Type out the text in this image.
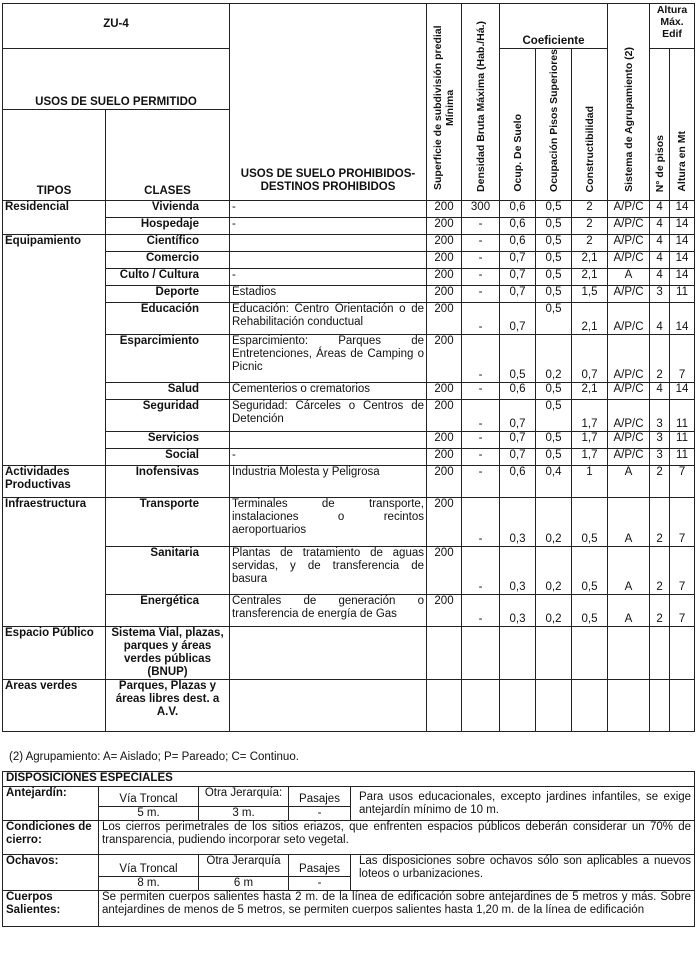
ZU-4		USOS DE SUELO PROHIBIDOS-DESTINOS PROHIBIDOS	Superficie de subdivisión predial Mínima	Densidad Bruta Máxima (Hab./Há.)	Coeficiente			Sistema de Agrupamiento (2)	Altura Máx. Edif	
USOS DE SUELO PERMITIDO					Ocup. De Suelo	Ocupación Pisos Superiores	Constructibilidad		N° de pisos	Altura en Mt
TIPOS	CLASES									
Residencial	Vivienda	-	200	300	0,6	0,5	2	A/P/C	4	14
	Hospedaje	-	200	-	0,6	0,5	2	A/P/C	4	14
Equipamiento	Científico		200	-	0,6	0,5	2	A/P/C	4	14
	Comercio		200	-	0,7	0,5	2,1	A/P/C	4	14
	Culto / Cultura	-	200	-	0,7	0,5	2,1	A	4	14
	Deporte	Estadios	200	-	0,7	0,5	1,5	A/P/C	3	11
	Educación	Educación: Centro Orientación o de Rehabilitación conductual	200	-	0,7	0,5	2,1	A/P/C	4	14
	Esparcimiento	Esparcimiento: Parques de Entretenciones, Áreas de Camping o Picnic	200	-	0,5	0,2	0,7	A/P/C	2	7
	Salud	Cementerios o crematorios	200	-	0,6	0,5	2,1	A/P/C	4	14
	Seguridad	Seguridad: Cárceles o Centros de Detención	200	-	0,7	0,5	1,7	A/P/C	3	11
	Servicios		200	-	0,7	0,5	1,7	A/P/C	3	11
	Social	-	200	-	0,7	0,5	1,7	A/P/C	3	11
Actividades Productivas	Inofensivas	Industria Molesta y Peligrosa	200	-	0,6	0,4	1	A	2	7
Infraestructura	Transporte	Terminales de transporte, instalaciones o recintos aeroportuarios	200	-	0,3	0,2	0,5	A	2	7
	Sanitaria	Plantas de tratamiento de aguas servidas, y de transferencia de basura	200	-	0,3	0,2	0,5	A	2	7
	Energética	Centrales de generación o transferencia de energía de Gas	200	-	0,3	0,2	0,5	A	2	7
Espacio Público	Sistema Vial, plazas, parques y áreas verdes públicas (BNUP)									
Áreas verdes	Parques, Plazas y áreas libres dest. a A.V.									
(2) Agrupamiento: A= Aislado; P= Pareado; C= Continuo.
DISPOSICIONES ESPECIALES				
Antejardín:	Vía Troncal	Otra Jerarquía:	Pasajes	Para usos educacionales, excepto jardines infantiles, se exige antejardín mínimo de 10 m.
	5 m.	3 m.	-	
Condiciones de cierro:	Los cierros perimetrales de los sitios eriazos, que enfrenten espacios públicos deberán considerar un 70% de transparencia, pudiendo incorporar seto vegetal.			
Ochavos:	Vía Troncal	Otra Jerarquía	Pasajes	Las disposiciones sobre ochavos sólo son aplicables a nuevos loteos o urbanizaciones.
	8 m.	6 m	-	
Cuerpos Salientes:	Se permiten cuerpos salientes hasta 2 m. de la línea de edificación sobre antejardines de 5 metros y más. Sobre antejardines de menos de 5 metros, se permiten cuerpos salientes hasta 1,20 m. de la línea de edificación			
